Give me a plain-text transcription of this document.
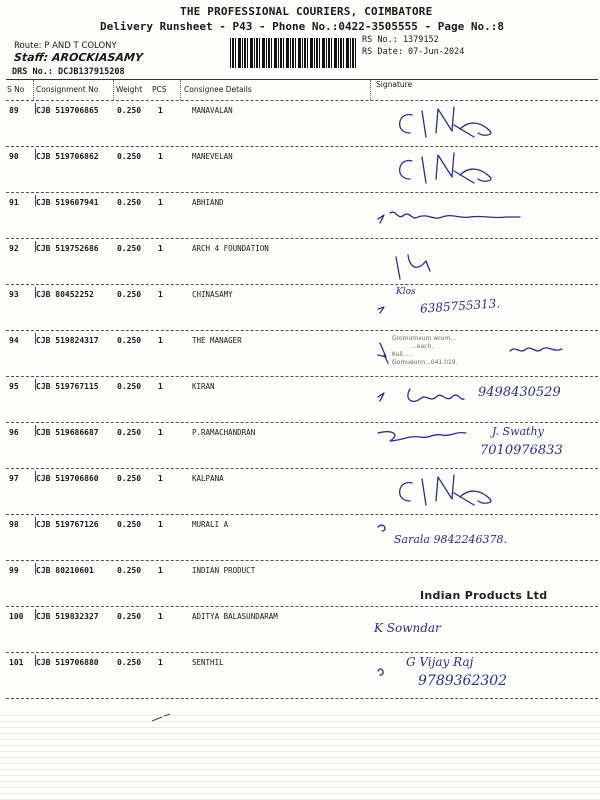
THE PROFESSIONAL COURIERS, COIMBATORE
Delivery Runsheet - P43 - Phone No.:0422-3505555 - Page No.:8
Route: P AND T COLONY
Staff: AROCKIASAMY
DRS No.: DCJB137915208
RS No.: 1379152
RS Date: 07-Jun-2024
S No Consignment No Weight PCS Consignee Details
Signature
89 CJB 519706865 0.250 1	MANAVALAN
90 CJB 519706862 0.250 1	MANEVELAN
91 CJB 519607941 0.250 1	ABHIAND
92 CJB 519752686 0.250 1	ARCH 4 FOUNDATION
93 CJB 80452252	0.250 1	CHINASAMY	Klos
6385755313.
94 CJB 519824317 0.250 1	THE MANAGER	Gromumxum wrum...
...each,
Kuli.....
Gomueunn...041.019.
95 CJB 519767115 0.250 1	KIRAN	9498430529
96 CJB 519686687 0.250 1	P.RAMACHANDRAN	J. Swathy
7010976833
97 CJB 519706860 0.250 1	KALPANA
98 CJB 519767126 0.250 1	MURALI A
Sarala 9842246378.
99 CJB 80210601	0.250 1	INDIAN PRODUCT
Indian Products Ltd
100 CJB 519832327 0.250 1	ADITYA BALASUNDARAM
K Sowndar
101 CJB 519706880 0.250 1	SENTHIL	G Vijay Raj
9789362302
